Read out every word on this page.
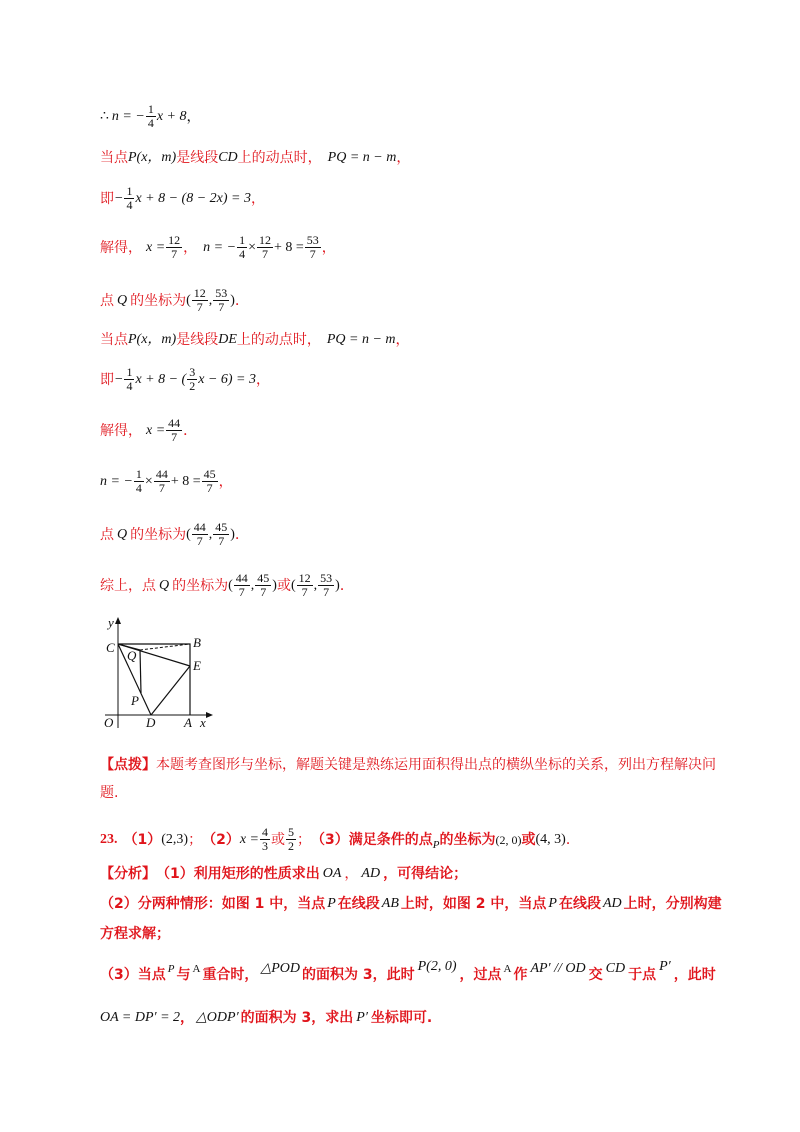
∴ n = − $\frac{1}{4}$ x + 8 ，
当点 P(x，m) 是线段 CD 上的动点时， PQ = n − m ，
即 − $\frac{1}{4}$ x + 8 − (8 − 2x) = 3 ，
解得， $x = \frac{12}{7}$ ， n = − $\frac{1}{4} \times \frac{12}{7} + 8 = \frac{53}{7}$ ，
点 Q 的坐标为 ( $\frac{12}{7}$ , $\frac{53}{7}$ ) ．
当点 P(x，m) 是线段 DE 上的动点时， PQ = n − m ，
即 − $\frac{1}{4}$ x + 8 − ( $\frac{3}{2}$ x − 6) = 3 ，
解得， $x = \frac{44}{7}$ ．
n = − $\frac{1}{4} \times \frac{44}{7} + 8 = \frac{45}{7}$ ，
点 Q 的坐标为 ( $\frac{44}{7}$ , $\frac{45}{7}$ ) ．
综上，点 Q 的坐标为 ( $\frac{44}{7}$ , $\frac{45}{7}$ ) 或 ( $\frac{12}{7}$ , $\frac{53}{7}$ ) ．
y
x
O	A
B
C
D
E
P
Q
【点拨】 本题考查图形与坐标，解题关键是熟练运用面积得出点的横纵坐标的关系，列出方程解决问
题.
23. （1） (2,3) ； （2） $x = \frac{4}{3}$ 或 $\frac{5}{2}$ ； （3）满足条件的点 P 的坐标为 (2, 0) 或 (4, 3) ．
【分析】 （1）利用矩形的性质求出 OA ， AD ，可得结论；
（2）分两种情形：如图 1 中，当点 P 在线段 AB 上时，如图 2 中，当点 P 在线段 AD 上时，分别构建
方程求解；
（3）当点 P 与 A 重合时， △POD 的面积为 3，此时
P(2, 0)
，过点 A 作 AP′ // OD 交 CD 于点
P′
，此时
OA = DP′ = 2 ， △ODP′ 的面积为 3，求出 P′ 坐标即可.
